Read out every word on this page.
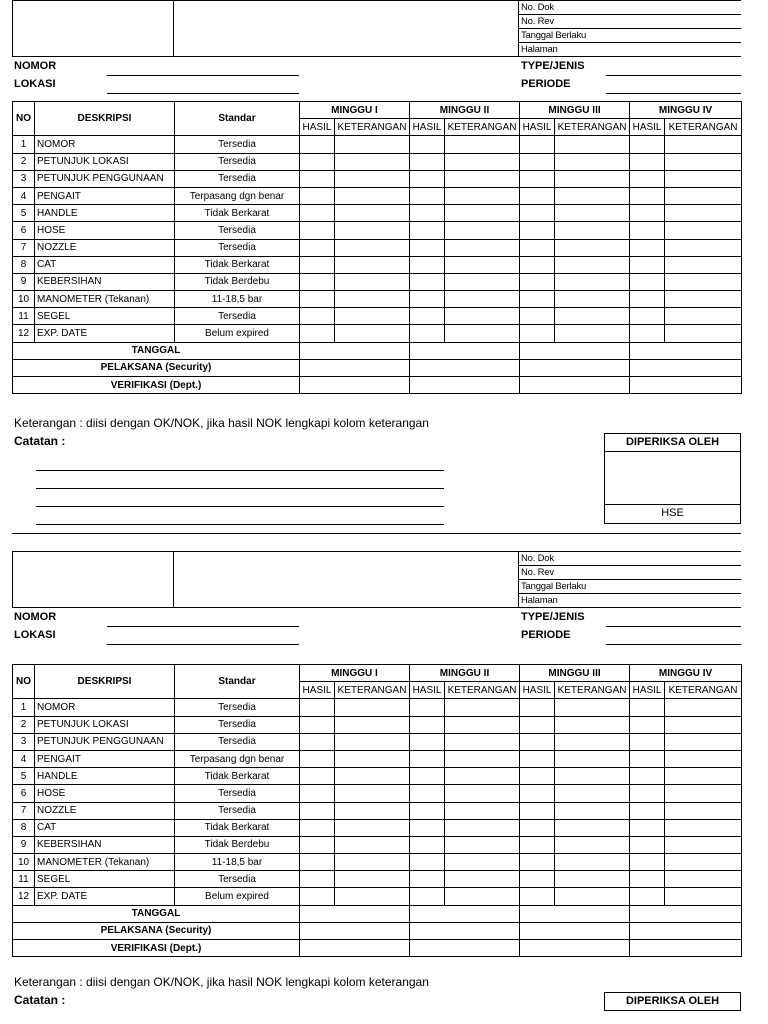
No. Dok
No. Rev
Tanggal Berlaku
Halaman
NOMOR
LOKASI
TYPE/JENIS
PERIODE
NO	DESKRIPSI	Standar	MINGGU I		MINGGU II		MINGGU III		MINGGU IV	
			HASIL	KETERANGAN	HASIL	KETERANGAN	HASIL	KETERANGAN	HASIL	KETERANGAN
1	NOMOR	Tersedia								
2	PETUNJUK LOKASI	Tersedia								
3	PETUNJUK PENGGUNAAN	Tersedia								
4	PENGAIT	Terpasang dgn benar								
5	HANDLE	Tidak Berkarat								
6	HOSE	Tersedia								
7	NOZZLE	Tersedia								
8	CAT	Tidak Berkarat								
9	KEBERSIHAN	Tidak Berdebu								
10	MANOMETER (Tekanan)	11-18,5 bar								
11	SEGEL	Tersedia								
12	EXP. DATE	Belum expired								
TANGGAL										
PELAKSANA (Security)										
VERIFIKASI (Dept.)										
Keterangan : diisi dengan OK/NOK, jika hasil NOK lengkapi kolom keterangan
Catatan :	DIPERIKSA OLEH
HSE
No. Dok
No. Rev
Tanggal Berlaku
Halaman
NOMOR
LOKASI
TYPE/JENIS
PERIODE
NO	DESKRIPSI	Standar	MINGGU I		MINGGU II		MINGGU III		MINGGU IV	
			HASIL	KETERANGAN	HASIL	KETERANGAN	HASIL	KETERANGAN	HASIL	KETERANGAN
1	NOMOR	Tersedia								
2	PETUNJUK LOKASI	Tersedia								
3	PETUNJUK PENGGUNAAN	Tersedia								
4	PENGAIT	Terpasang dgn benar								
5	HANDLE	Tidak Berkarat								
6	HOSE	Tersedia								
7	NOZZLE	Tersedia								
8	CAT	Tidak Berkarat								
9	KEBERSIHAN	Tidak Berdebu								
10	MANOMETER (Tekanan)	11-18,5 bar								
11	SEGEL	Tersedia								
12	EXP. DATE	Belum expired								
TANGGAL										
PELAKSANA (Security)										
VERIFIKASI (Dept.)										
Keterangan : diisi dengan OK/NOK, jika hasil NOK lengkapi kolom keterangan
Catatan :	DIPERIKSA OLEH
